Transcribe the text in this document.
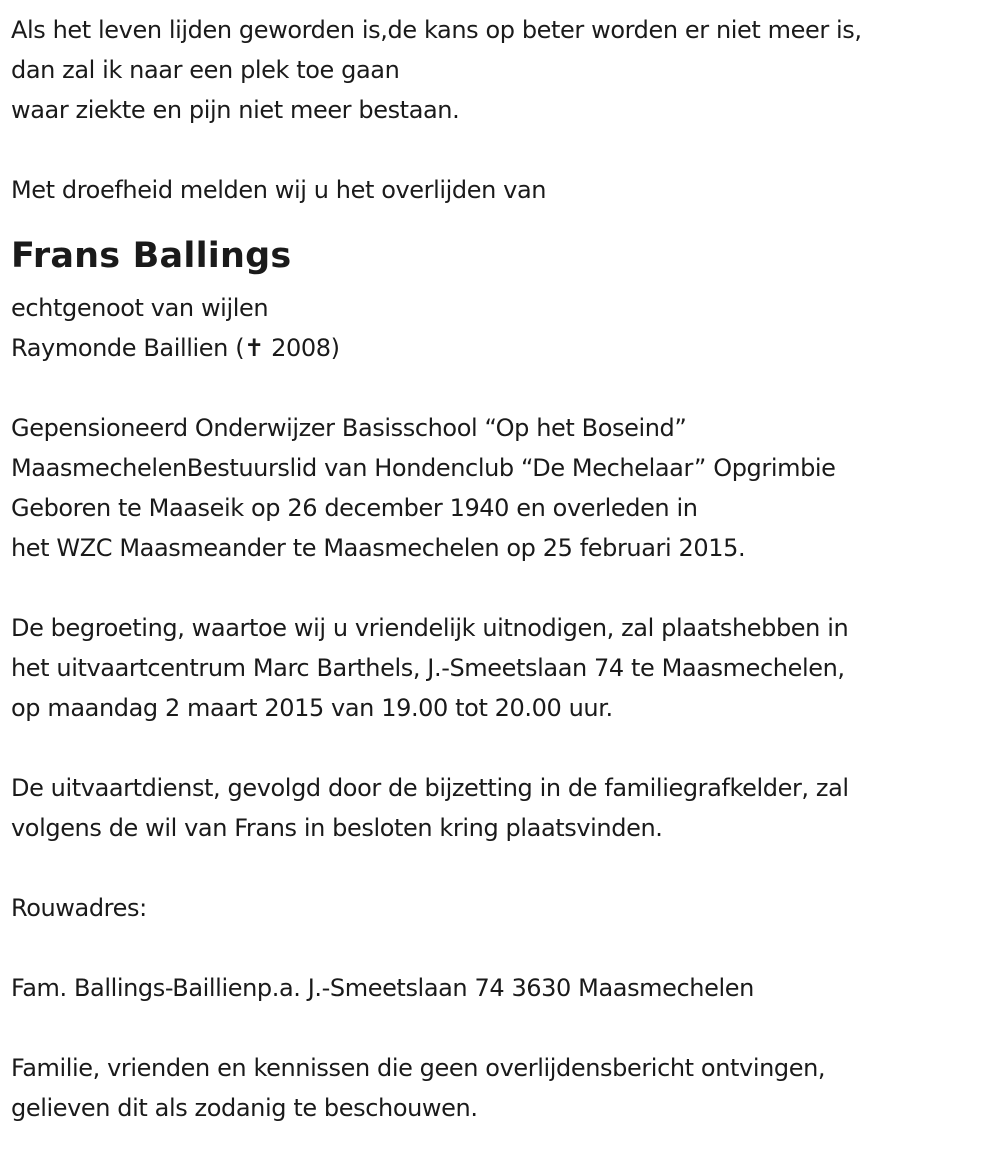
Als het leven lijden geworden is,de kans op beter worden er niet meer is,
dan zal ik naar een plek toe gaan
waar ziekte en pijn niet meer bestaan.
Met droefheid melden wij u het overlijden van
Frans Ballings
echtgenoot van wijlen
Raymonde Baillien (✝ 2008)
Gepensioneerd Onderwijzer Basisschool “Op het Boseind”
MaasmechelenBestuurslid van Hondenclub “De Mechelaar” Opgrimbie
Geboren te Maaseik op 26 december 1940 en overleden in
het WZC Maasmeander te Maasmechelen op 25 februari 2015.
De begroeting, waartoe wij u vriendelijk uitnodigen, zal plaatshebben in
het uitvaartcentrum Marc Barthels, J.-Smeetslaan 74 te Maasmechelen,
op maandag 2 maart 2015 van 19.00 tot 20.00 uur.
De uitvaartdienst, gevolgd door de bijzetting in de familiegrafkelder, zal
volgens de wil van Frans in besloten kring plaatsvinden.
Rouwadres:
Fam. Ballings-Baillienp.a. J.-Smeetslaan 74 3630 Maasmechelen
Familie, vrienden en kennissen die geen overlijdensbericht ontvingen,
gelieven dit als zodanig te beschouwen.
